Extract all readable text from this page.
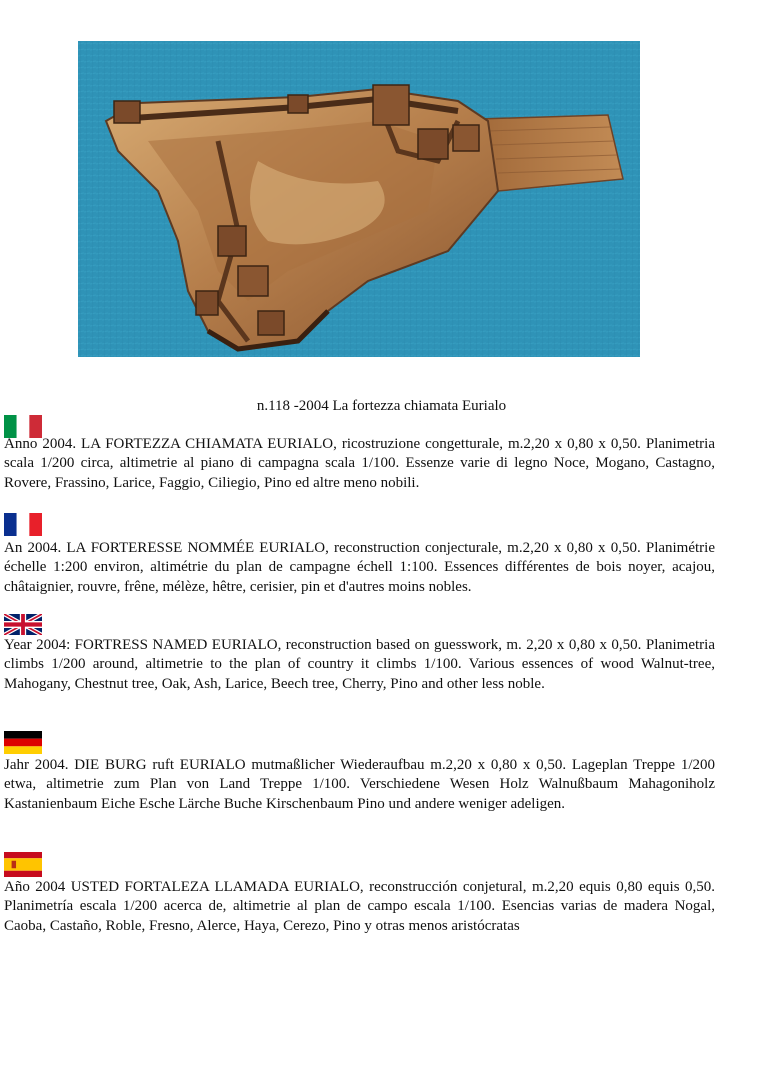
n.118 -2004 La fortezza chiamata Eurialo

Anno 2004. LA FORTEZZA CHIAMATA EURIALO, ricostruzione congetturale, m.2,20 x 0,80 x 0,50. Planimetria scala 1/200 circa, altimetrie al piano di campagna scala 1/100. Essenze varie di legno Noce, Mogano, Castagno, Rovere, Frassino, Larice, Faggio, Ciliegio, Pino ed altre meno nobili.

An 2004. LA FORTERESSE NOMMÉE EURIALO, reconstruction conjecturale, m.2,20 x 0,80 x 0,50. Planimétrie échelle 1:200 environ, altimétrie du plan de campagne échell 1:100. Essences différentes de bois noyer, acajou, châtaignier, rouvre, frêne, mélèze, hêtre, cerisier, pin et d'autres moins nobles.

Year 2004: FORTRESS NAMED EURIALO, reconstruction based on guesswork, m. 2,20 x 0,80 x 0,50. Planimetria climbs 1/200 around, altimetrie to the plan of country it climbs 1/100. Various essences of wood Walnut-tree, Mahogany, Chestnut tree, Oak, Ash, Larice, Beech tree, Cherry, Pino and other less noble.

Jahr 2004. DIE BURG ruft EURIALO mutmaßlicher Wiederaufbau m.2,20 x 0,80 x 0,50. Lageplan Treppe 1/200 etwa, altimetrie zum Plan von Land Treppe 1/100. Verschiedene Wesen Holz Walnußbaum Mahagoniholz Kastanienbaum Eiche Esche Lärche Buche Kirschenbaum Pino und andere weniger adeligen.

Año 2004 USTED FORTALEZA LLAMADA EURIALO, reconstrucción conjetural, m.2,20 equis 0,80 equis 0,50. Planimetría escala 1/200 acerca de, altimetrie al plan de campo escala 1/100. Esencias varias de madera Nogal, Caoba, Castaño, Roble, Fresno, Alerce, Haya, Cerezo, Pino y otras menos aristócratas
